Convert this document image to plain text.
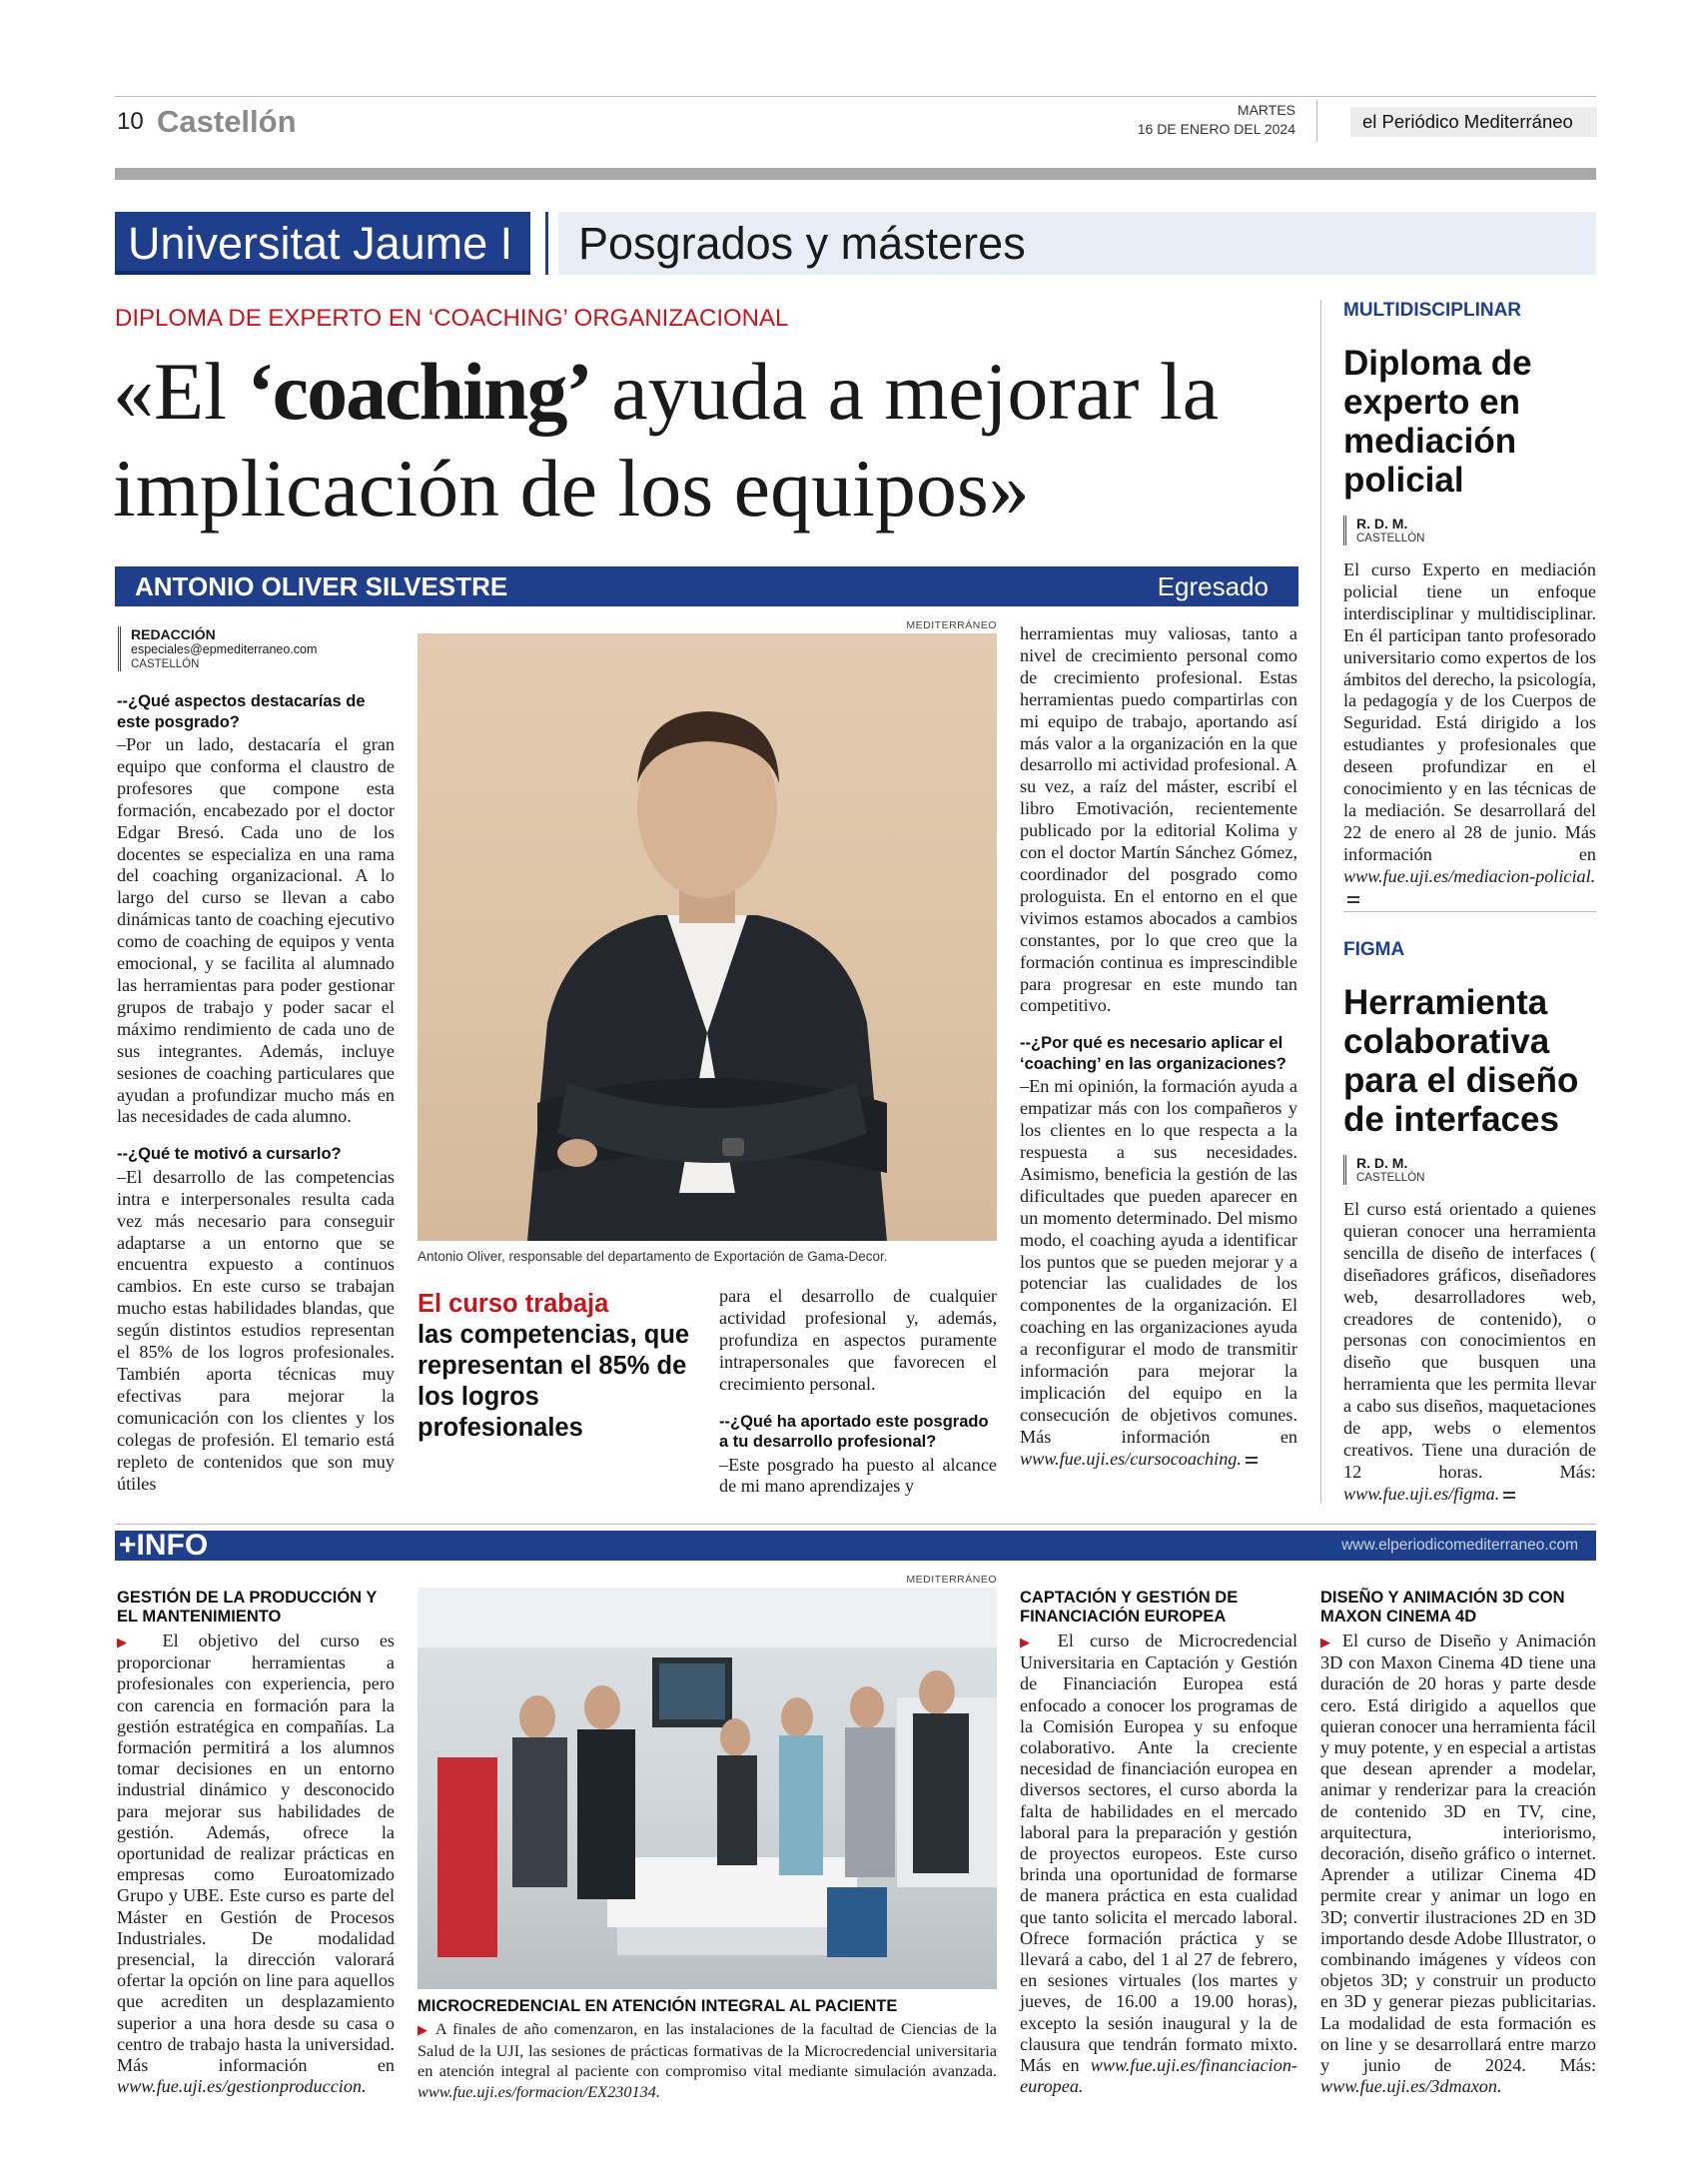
10 Castellón	MARTES
16 DE ENERO DEL 2024	el Periódico Mediterráneo
Universitat Jaume I	Posgrados y másteres
DIPLOMA DE EXPERTO EN ‘COACHING’ ORGANIZACIONAL
«El ‘coaching’ ayuda a mejorar la implicación de los equipos»
ANTONIO OLIVER SILVESTRE	Egresado
REDACCIÓN
especiales@epmediterraneo.com
CASTELLÓN
--¿Qué aspectos destacarías de este posgrado?
–Por un lado, destacaría el gran equipo que conforma el claustro de profesores que compone esta formación, encabezado por el doctor Edgar Bresó. Cada uno de los docentes se especializa en una rama del coaching organizacional. A lo largo del curso se llevan a cabo dinámicas tanto de coaching ejecutivo como de coaching de equipos y venta emocional, y se facilita al alumnado las herramientas para poder gestionar grupos de trabajo y poder sacar el máximo rendimiento de cada uno de sus integrantes. Además, incluye sesiones de coaching particulares que ayudan a profundizar mucho más en las necesidades de cada alumno.
--¿Qué te motivó a cursarlo?
–El desarrollo de las competencias intra e interpersonales resulta cada vez más necesario para conseguir adaptarse a un entorno que se encuentra expuesto a continuos cambios. En este curso se trabajan mucho estas habilidades blandas, que según distintos estudios representan el 85% de los logros profesionales. También aporta técnicas muy efectivas para mejorar la comunicación con los clientes y los colegas de profesión. El temario está repleto de contenidos que son muy útiles
MEDITERRÁNEO
Antonio Oliver, responsable del departamento de Exportación de Gama-Decor.
El curso trabaja
las competencias, que representan el 85% de los logros profesionales
para el desarrollo de cualquier actividad profesional y, además, profundiza en aspectos puramente intrapersonales que favorecen el crecimiento personal.
--¿Qué ha aportado este posgrado a tu desarrollo profesional?
–Este posgrado ha puesto al alcance de mi mano aprendizajes y
herramientas muy valiosas, tanto a nivel de crecimiento personal como de crecimiento profesional. Estas herramientas puedo compartirlas con mi equipo de trabajo, aportando así más valor a la organización en la que desarrollo mi actividad profesional. A su vez, a raíz del máster, escribí el libro Emotivación, recientemente publicado por la editorial Kolima y con el doctor Martín Sánchez Gómez, coordinador del posgrado como prologuista. En el entorno en el que vivimos estamos abocados a cambios constantes, por lo que creo que la formación continua es imprescindible para progresar en este mundo tan competitivo.
--¿Por qué es necesario aplicar el ‘coaching’ en las organizaciones?
–En mi opinión, la formación ayuda a empatizar más con los compañeros y los clientes en lo que respecta a la respuesta a sus necesidades. Asimismo, beneficia la gestión de las dificultades que pueden aparecer en un momento determinado. Del mismo modo, el coaching ayuda a identificar los puntos que se pueden mejorar y a potenciar las cualidades de los componentes de la organización. El coaching en las organizaciones ayuda a reconfigurar el modo de transmitir información para mejorar la implicación del equipo en la consecución de objetivos comunes. Más información en www.fue.uji.es/cursocoaching.
MULTIDISCIPLINAR
Diploma de experto en mediación policial
R. D. M.
CASTELLÓN
El curso Experto en mediación policial tiene un enfoque interdisciplinar y multidisciplinar. En él participan tanto profesorado universitario como expertos de los ámbitos del derecho, la psicología, la pedagogía y de los Cuerpos de Seguridad. Está dirigido a los estudiantes y profesionales que deseen profundizar en el conocimiento y en las técnicas de la mediación. Se desarrollará del 22 de enero al 28 de junio. Más información en www.fue.uji.es/mediacion-policial.
FIGMA
Herramienta colaborativa para el diseño de interfaces
R. D. M.
CASTELLÓN
El curso está orientado a quienes quieran conocer una herramienta sencilla de diseño de interfaces ( diseñadores gráficos, diseñadores web, desarrolladores web, creadores de contenido), o personas con conocimientos en diseño que busquen una herramienta que les permita llevar a cabo sus diseños, maquetaciones de app, webs o elementos creativos. Tiene una duración de 12 horas. Más: www.fue.uji.es/figma.
+INFO	www.elperiodicomediterraneo.com
GESTIÓN DE LA PRODUCCIÓN Y EL MANTENIMIENTO
▶ El objetivo del curso es proporcionar herramientas a profesionales con experiencia, pero con carencia en formación para la gestión estratégica en compañías. La formación permitirá a los alumnos tomar decisiones en un entorno industrial dinámico y desconocido para mejorar sus habilidades de gestión. Además, ofrece la oportunidad de realizar prácticas en empresas como Euroatomizado Grupo y UBE. Este curso es parte del Máster en Gestión de Procesos Industriales. De modalidad presencial, la dirección valorará ofertar la opción on line para aquellos que acrediten un desplazamiento superior a una hora desde su casa o centro de trabajo hasta la universidad. Más información en www.fue.uji.es/gestionproduccion.
MEDITERRÁNEO
MICROCREDENCIAL EN ATENCIÓN INTEGRAL AL PACIENTE
▶ A finales de año comenzaron, en las instalaciones de la facultad de Ciencias de la Salud de la UJI, las sesiones de prácticas formativas de la Microcredencial universitaria en atención integral al paciente con compromiso vital mediante simulación avanzada. www.fue.uji.es/formacion/EX230134.
CAPTACIÓN Y GESTIÓN DE FINANCIACIÓN EUROPEA
▶ El curso de Microcredencial Universitaria en Captación y Gestión de Financiación Europea está enfocado a conocer los programas de la Comisión Europea y su enfoque colaborativo. Ante la creciente necesidad de financiación europea en diversos sectores, el curso aborda la falta de habilidades en el mercado laboral para la preparación y gestión de proyectos europeos. Este curso brinda una oportunidad de formarse de manera práctica en esta cualidad que tanto solicita el mercado laboral. Ofrece formación práctica y se llevará a cabo, del 1 al 27 de febrero, en sesiones virtuales (los martes y jueves, de 16.00 a 19.00 horas), excepto la sesión inaugural y la de clausura que tendrán formato mixto. Más en www.fue.uji.es/financiacion-europea.
DISEÑO Y ANIMACIÓN 3D CON MAXON CINEMA 4D
▶ El curso de Diseño y Animación 3D con Maxon Cinema 4D tiene una duración de 20 horas y parte desde cero. Está dirigido a aquellos que quieran conocer una herramienta fácil y muy potente, y en especial a artistas que desean aprender a modelar, animar y renderizar para la creación de contenido 3D en TV, cine, arquitectura, interiorismo, decoración, diseño gráfico o internet. Aprender a utilizar Cinema 4D permite crear y animar un logo en 3D; convertir ilustraciones 2D en 3D importando desde Adobe Illustrator, o combinando imágenes y vídeos con objetos 3D; y construir un producto en 3D y generar piezas publicitarias. La modalidad de esta formación es on line y se desarrollará entre marzo y junio de 2024. Más: www.fue.uji.es/3dmaxon.
